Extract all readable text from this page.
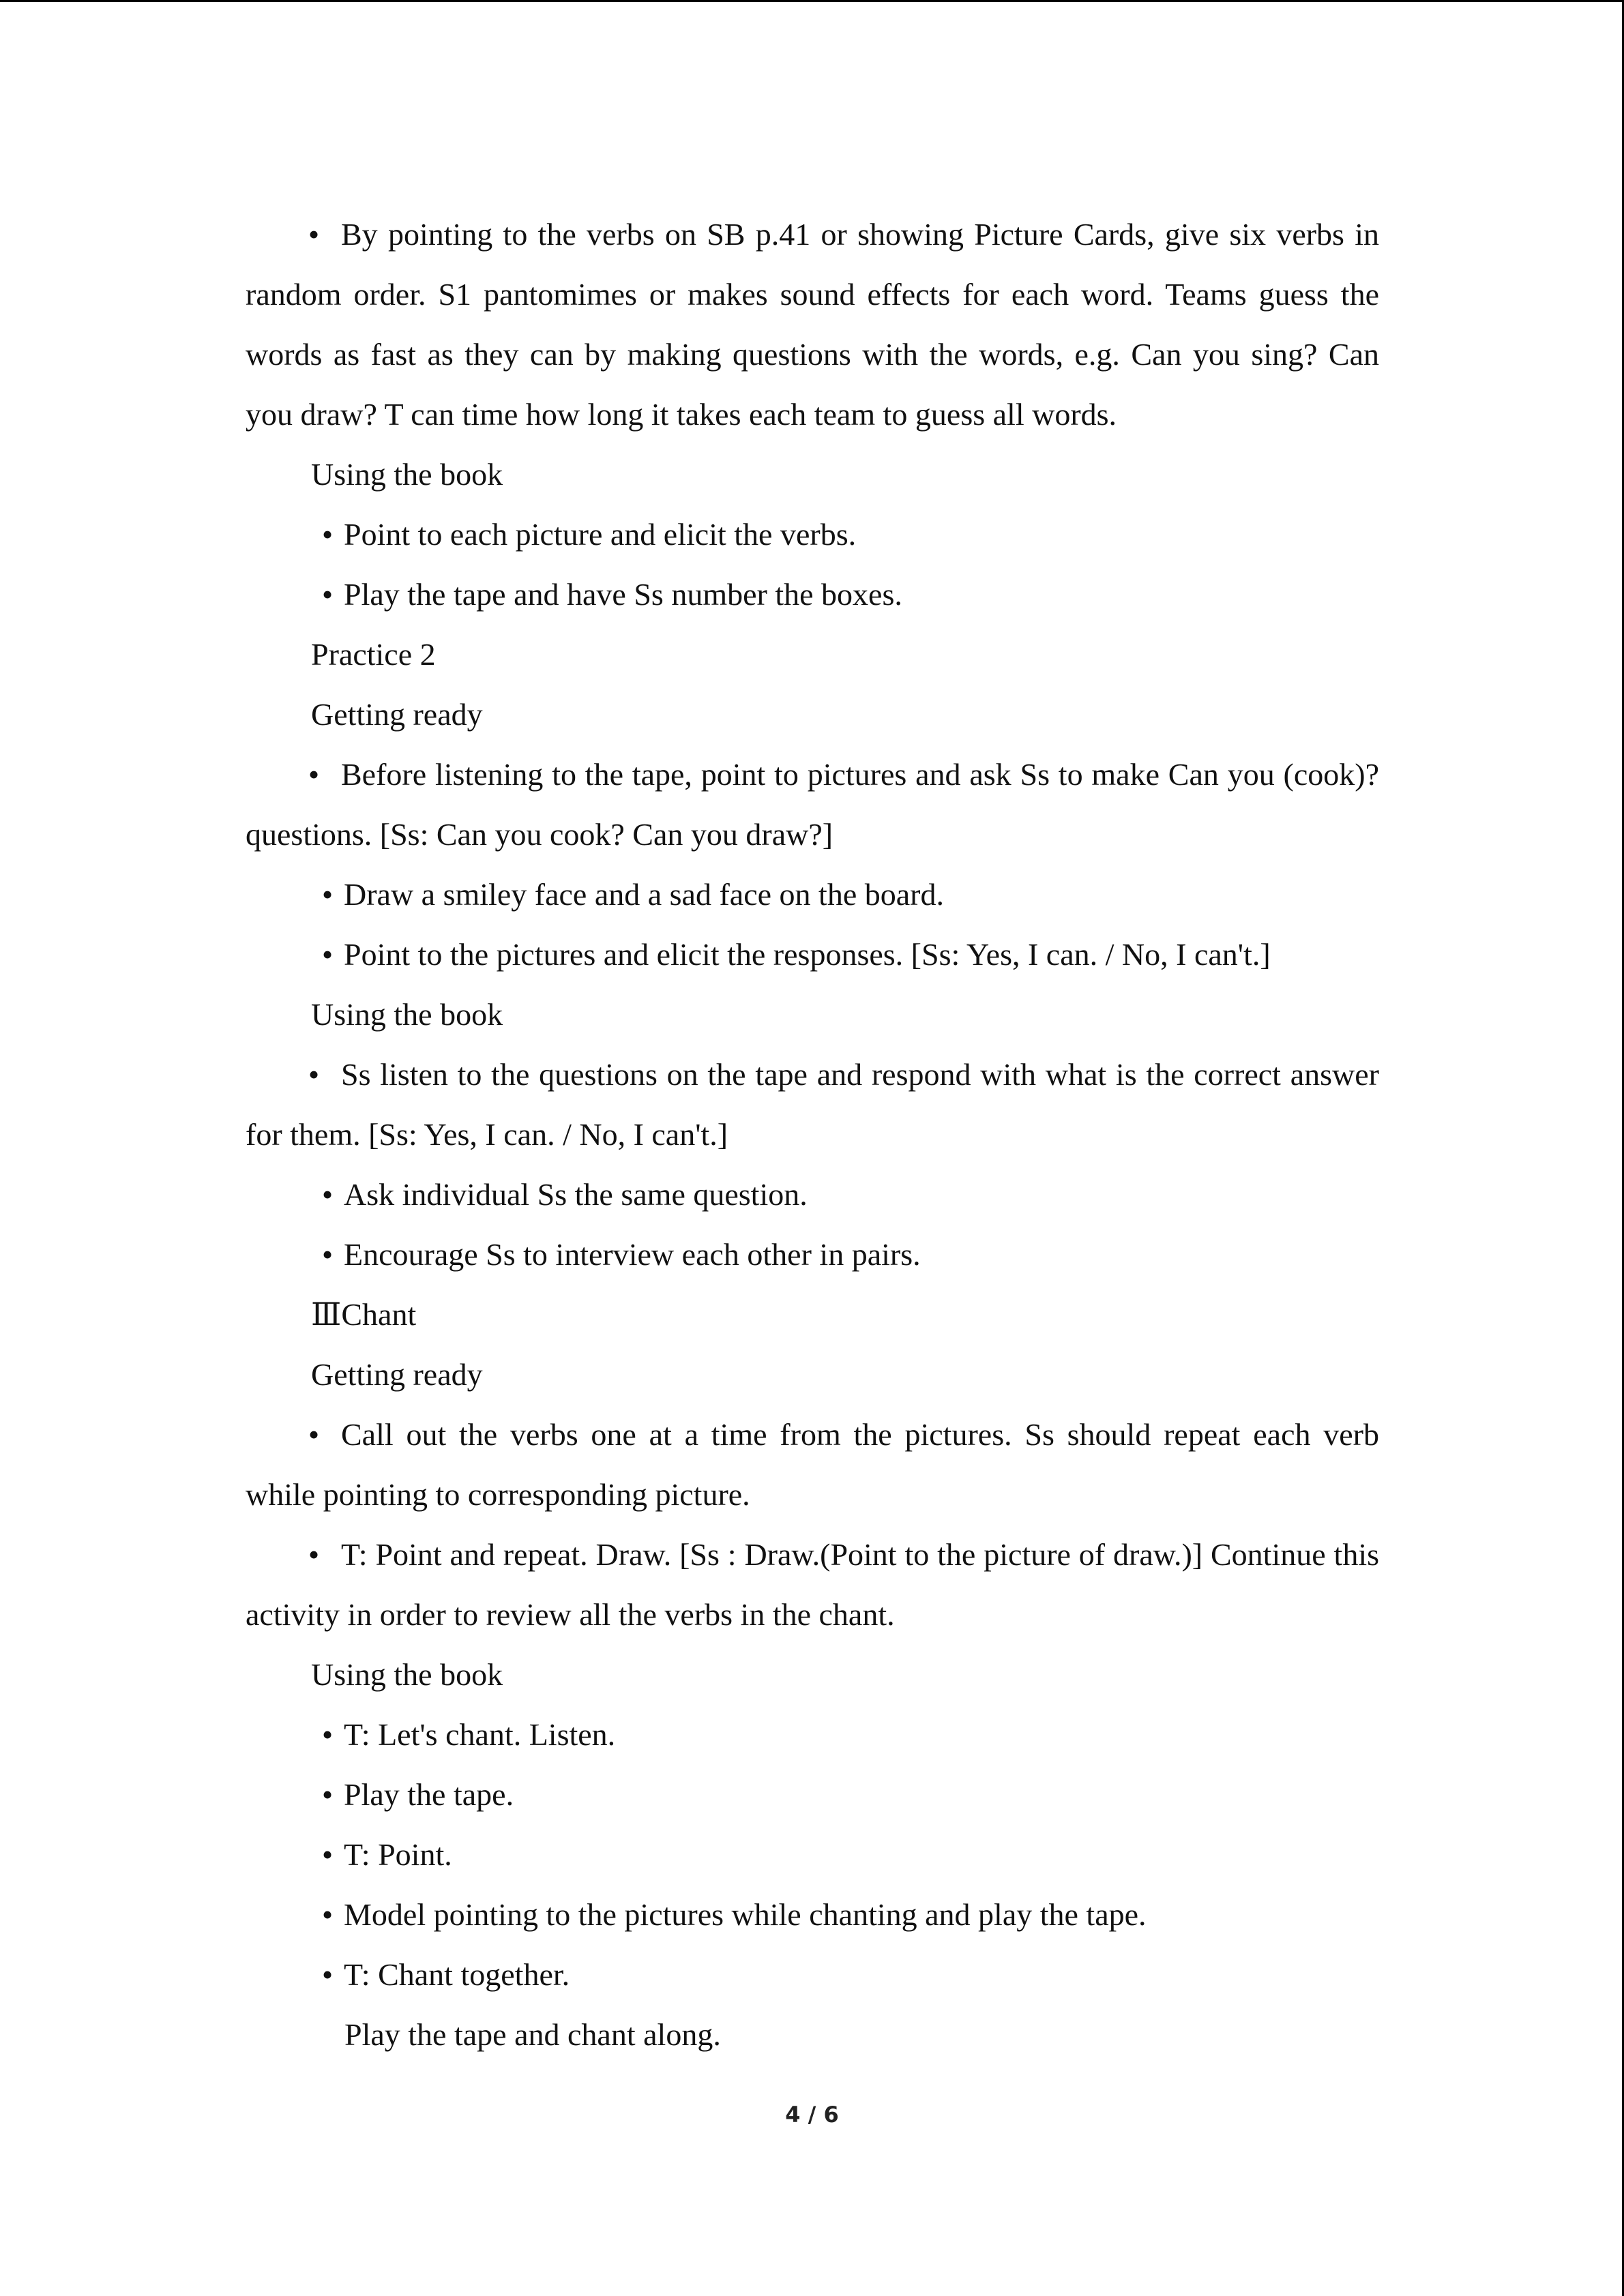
• By pointing to the verbs on SB p.41 or showing Picture Cards, give six verbs in random order. S1 pantomimes or makes sound effects for each word. Teams guess the words as fast as they can by making questions with the words, e.g. Can you sing? Can you draw? T can time how long it takes each team to guess all words.
Using the book
• Point to each picture and elicit the verbs.
• Play the tape and have Ss number the boxes.
Practice 2
Getting ready
• Before listening to the tape, point to pictures and ask Ss to make Can you (cook)? questions. [Ss: Can you cook? Can you draw?]
• Draw a smiley face and a sad face on the board.
• Point to the pictures and elicit the responses. [Ss: Yes, I can. / No, I can't.]
Using the book
• Ss listen to the questions on the tape and respond with what is the correct answer for them. [Ss: Yes, I can. / No, I can't.]
• Ask individual Ss the same question.
• Encourage Ss to interview each other in pairs.
ⅢChant
Getting ready
• Call out the verbs one at a time from the pictures. Ss should repeat each verb while pointing to corresponding picture.
• T: Point and repeat. Draw. [Ss : Draw.(Point to the picture of draw.)] Continue this activity in order to review all the verbs in the chant.
Using the book
• T: Let's chant. Listen.
• Play the tape.
• T: Point.
• Model pointing to the pictures while chanting and play the tape.
• T: Chant together.
Play the tape and chant along.
4 / 6
